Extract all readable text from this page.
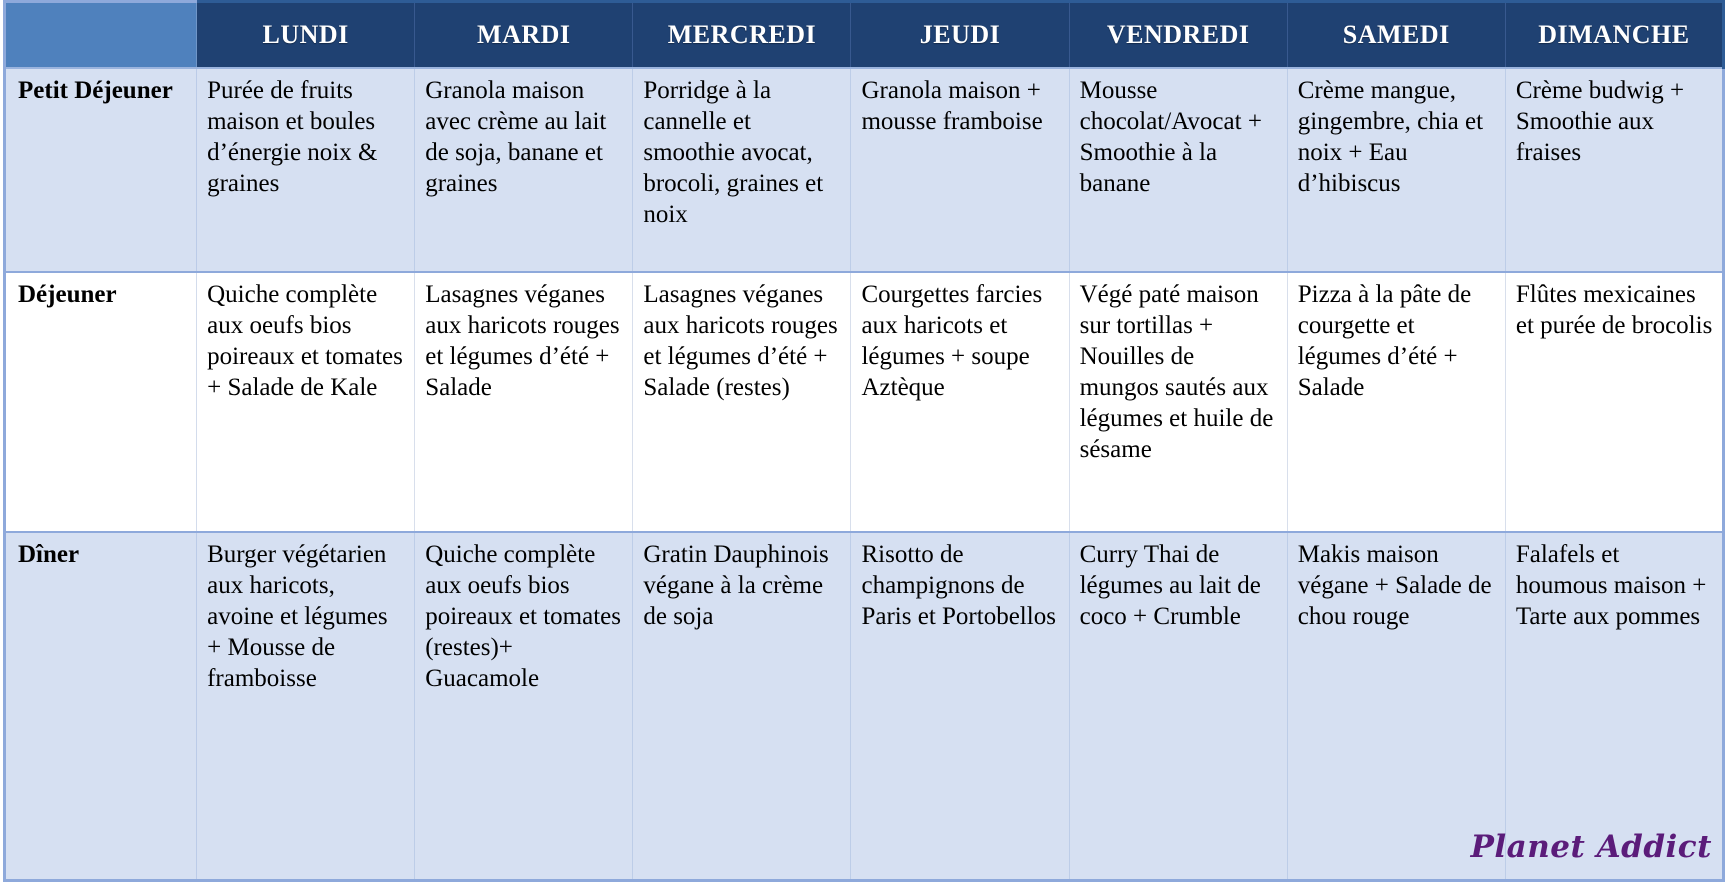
	LUNDI	MARDI	MERCREDI	JEUDI	VENDREDI	SAMEDI	DIMANCHE
Petit Déjeuner	Purée de fruits maison et boules d’énergie noix & graines	Granola maison avec crème au lait de soja, banane et graines	Porridge à la cannelle et smoothie avocat, brocoli, graines et noix	Granola maison + mousse framboise	Mousse chocolat/Avocat + Smoothie à la banane	Crème mangue, gingembre, chia et noix + Eau d’hibiscus	Crème budwig + Smoothie aux fraises
Déjeuner	Quiche complète aux oeufs bios poireaux et tomates + Salade de Kale	Lasagnes véganes aux haricots rouges et légumes d’été + Salade	Lasagnes véganes aux haricots rouges et légumes d’été + Salade (restes)	Courgettes farcies aux haricots et légumes + soupe Aztèque	Végé paté maison sur tortillas + Nouilles de mungos sautés aux légumes et huile de sésame	Pizza à la pâte de courgette et légumes d’été + Salade	Flûtes mexicaines et purée de brocolis
Dîner	Burger végétarien aux haricots, avoine et légumes + Mousse de framboisse	Quiche complète aux oeufs bios poireaux et tomates (restes)+ Guacamole	Gratin Dauphinois végane à la crème de soja	Risotto de champignons de Paris et Portobellos	Curry Thai de légumes au lait de coco + Crumble	Makis maison végane + Salade de chou rouge	Falafels et houmous maison + Tarte aux pommes
Planet Addict
